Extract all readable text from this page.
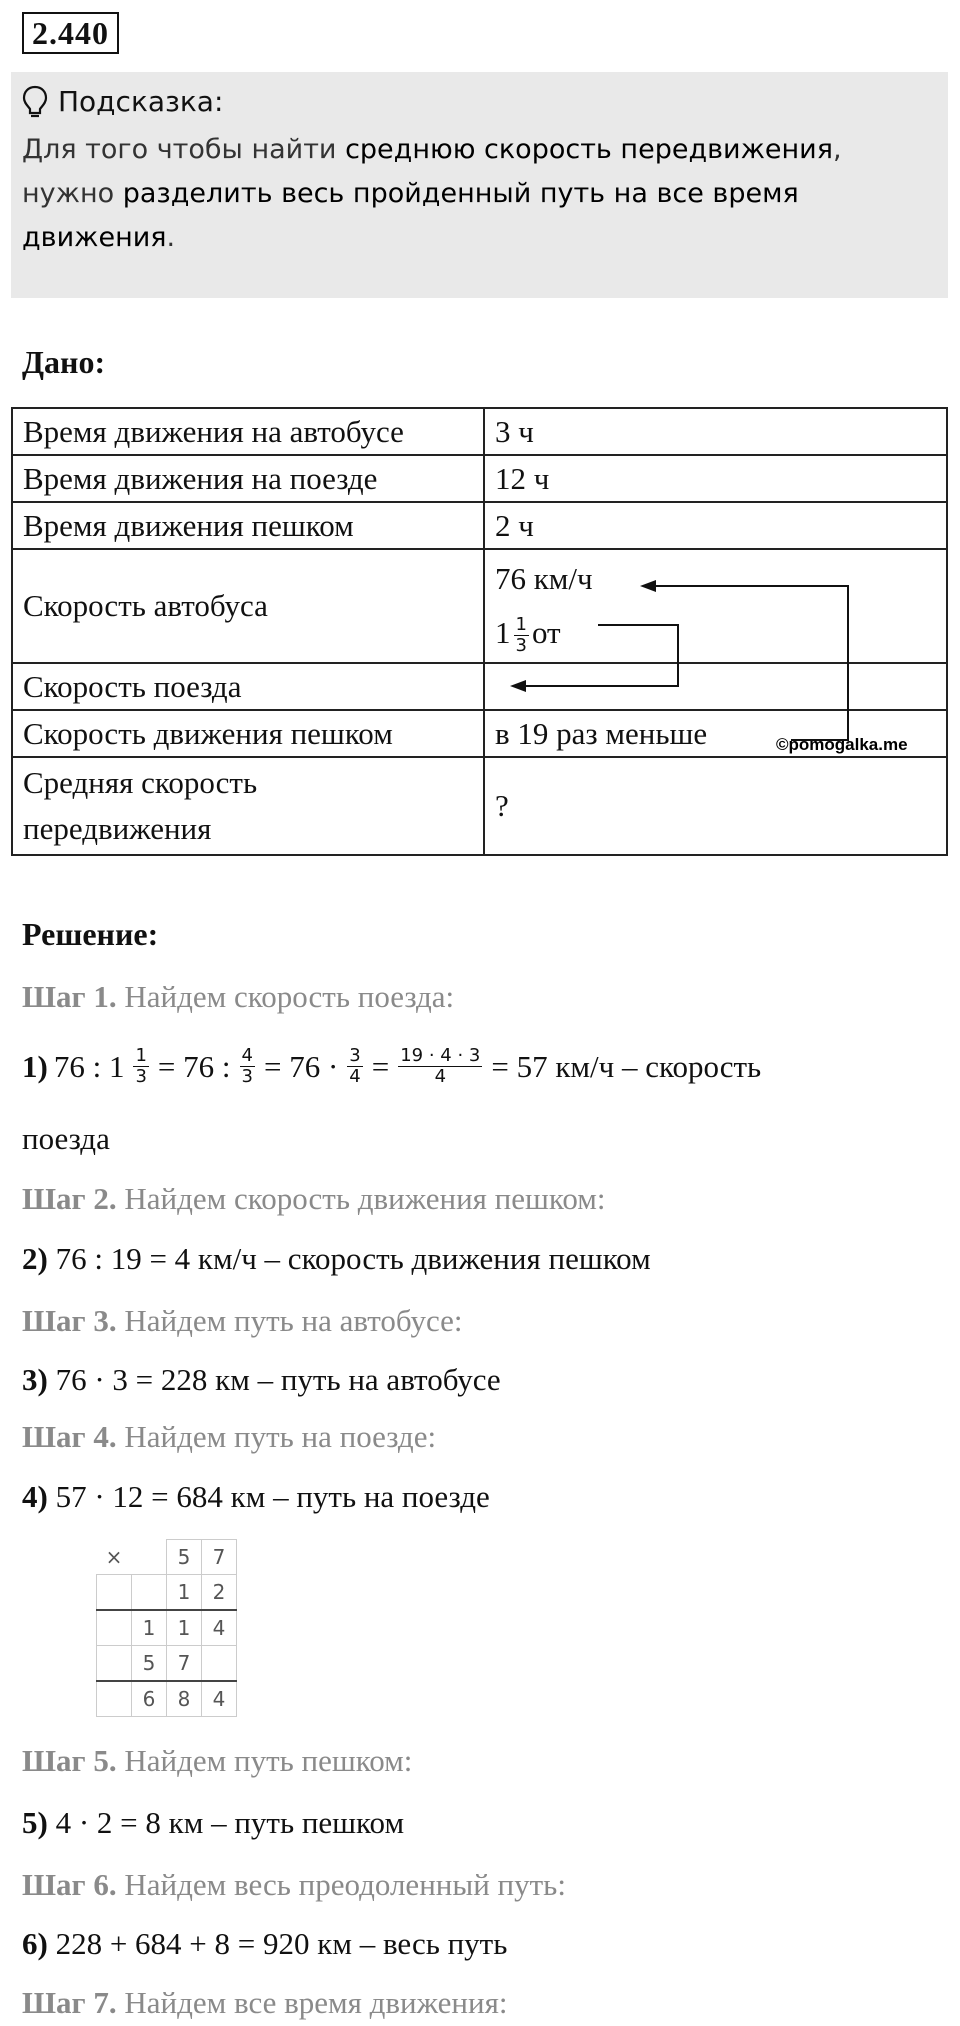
2.440
Подсказка:
Для того чтобы найти среднюю скорость передвижения,
нужно разделить весь пройденный путь на все время движения.
Дано:
Время движения на автобусе	3 ч
Время движения на поезде	12 ч
Время движения пешком	2 ч
Скорость автобуса	76 км/ч
$1 \frac{1}{3}$ от

Скорость поезда	
Скорость движения пешком	в 19 раз меньше
Средняя скорость
передвижения	?
©pomogalka.me
Решение:
Шаг 1. Найдем скорость поезда:
1) 76 : $1 \frac{1}{3} = 76$ : $\frac{4}{3} = 76 \cdot \frac{3}{4} = \frac{19 \cdot 4 \cdot 3}{4} = 57$ км/ч – скорость
поезда
Шаг 2. Найдем скорость движения пешком:
2) 76 : 19 = 4 км/ч – скорость движения пешком
Шаг 3. Найдем путь на автобусе:
3) 76 · 3 = 228 км – путь на автобусе
Шаг 4. Найдем путь на поезде:
4) 57 · 12 = 684 км – путь на поезде
×		5	7
		1	2
	1	1	4
	5	7	
	6	8	4
Шаг 5. Найдем путь пешком:
5) 4 · 2 = 8 км – путь пешком
Шаг 6. Найдем весь преодоленный путь:
6) 228 + 684 + 8 = 920 км – весь путь
Шаг 7. Найдем все время движения:
